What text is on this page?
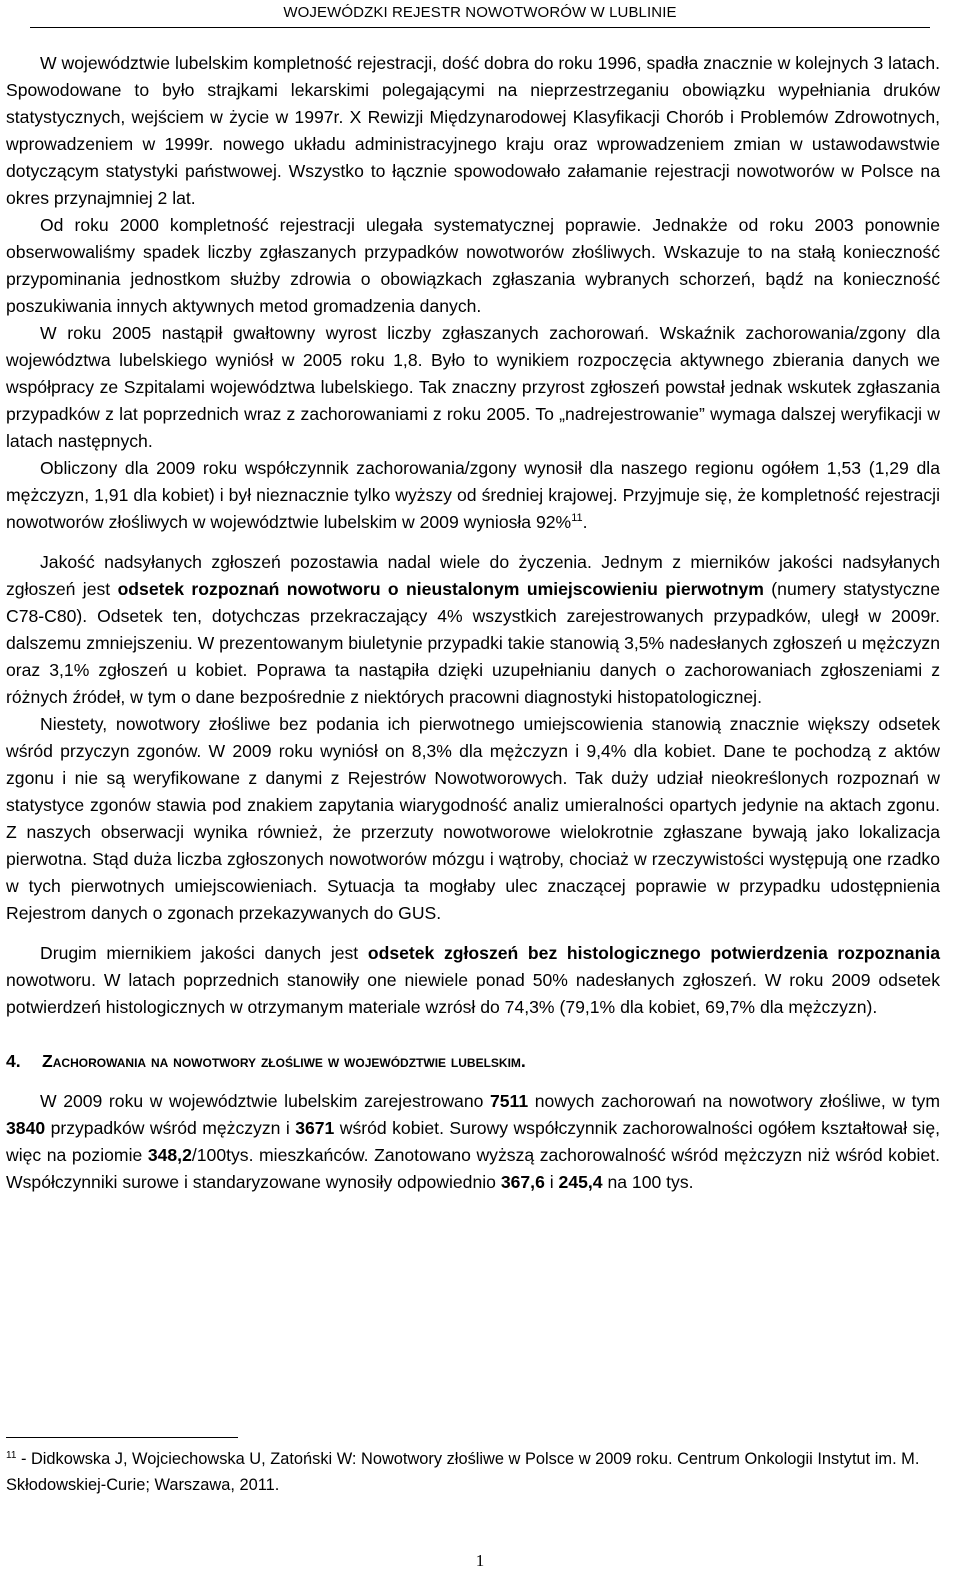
WOJEWÓDZKI REJESTR NOWOTWORÓW W LUBLINIE

W województwie lubelskim kompletność rejestracji, dość dobra do roku 1996, spadła znacznie w kolejnych 3 latach. Spowodowane to było strajkami lekarskimi polegającymi na nieprzestrzeganiu obowiązku wypełniania druków statystycznych, wejściem w życie w 1997r. X Rewizji Międzynarodowej Klasyfikacji Chorób i Problemów Zdrowotnych, wprowadzeniem w 1999r. nowego układu administracyjnego kraju oraz wprowadzeniem zmian w ustawodawstwie dotyczącym statystyki państwowej. Wszystko to łącznie spowodowało załamanie rejestracji nowotworów w Polsce na okres przynajmniej 2 lat.

Od roku 2000 kompletność rejestracji ulegała systematycznej poprawie. Jednakże od roku 2003 ponownie obserwowaliśmy spadek liczby zgłaszanych przypadków nowotworów złośliwych. Wskazuje to na stałą konieczność przypominania jednostkom służby zdrowia o obowiązkach zgłaszania wybranych schorzeń, bądź na konieczność poszukiwania innych aktywnych metod gromadzenia danych.

W roku 2005 nastąpił gwałtowny wyrost liczby zgłaszanych zachorowań. Wskaźnik zachorowania/zgony dla województwa lubelskiego wyniósł w 2005 roku 1,8. Było to wynikiem rozpoczęcia aktywnego zbierania danych we współpracy ze Szpitalami województwa lubelskiego. Tak znaczny przyrost zgłoszeń powstał jednak wskutek zgłaszania przypadków z lat poprzednich wraz z zachorowaniami z roku 2005. To „nadrejestrowanie” wymaga dalszej weryfikacji w latach następnych.

Obliczony dla 2009 roku współczynnik zachorowania/zgony wynosił dla naszego regionu ogółem 1,53 (1,29 dla mężczyzn, 1,91 dla kobiet) i był nieznacznie tylko wyższy od średniej krajowej. Przyjmuje się, że kompletność rejestracji nowotworów złośliwych w województwie lubelskim w 2009 wyniosła 92%$^{11}$.

Jakość nadsyłanych zgłoszeń pozostawia nadal wiele do życzenia. Jednym z mierników jakości nadsyłanych zgłoszeń jest odsetek rozpoznań nowotworu o nieustalonym umiejscowieniu pierwotnym (numery statystyczne C78-C80). Odsetek ten, dotychczas przekraczający 4% wszystkich zarejestrowanych przypadków, uległ w 2009r. dalszemu zmniejszeniu. W prezentowanym biuletynie przypadki takie stanowią 3,5% nadesłanych zgłoszeń u mężczyzn oraz 3,1% zgłoszeń u kobiet. Poprawa ta nastąpiła dzięki uzupełnianiu danych o zachorowaniach zgłoszeniami z różnych źródeł, w tym o dane bezpośrednie z niektórych pracowni diagnostyki histopatologicznej.

Niestety, nowotwory złośliwe bez podania ich pierwotnego umiejscowienia stanowią znacznie większy odsetek wśród przyczyn zgonów. W 2009 roku wyniósł on 8,3% dla mężczyzn i 9,4% dla kobiet. Dane te pochodzą z aktów zgonu i nie są weryfikowane z danymi z Rejestrów Nowotworowych. Tak duży udział nieokreślonych rozpoznań w statystyce zgonów stawia pod znakiem zapytania wiarygodność analiz umieralności opartych jedynie na aktach zgonu. Z naszych obserwacji wynika również, że przerzuty nowotworowe wielokrotnie zgłaszane bywają jako lokalizacja pierwotna. Stąd duża liczba zgłoszonych nowotworów mózgu i wątroby, chociaż w rzeczywistości występują one rzadko w tych pierwotnych umiejscowieniach. Sytuacja ta mogłaby ulec znaczącej poprawie w przypadku udostępnienia Rejestrom danych o zgonach przekazywanych do GUS.

Drugim miernikiem jakości danych jest odsetek zgłoszeń bez histologicznego potwierdzenia rozpoznania nowotworu. W latach poprzednich stanowiły one niewiele ponad 50% nadesłanych zgłoszeń. W roku 2009 odsetek potwierdzeń histologicznych w otrzymanym materiale wzrósł do 74,3% (79,1% dla kobiet, 69,7% dla mężczyzn).

4. Zachorowania na nowotwory złośliwe w województwie lubelskim.

W 2009 roku w województwie lubelskim zarejestrowano 7511 nowych zachorowań na nowotwory złośliwe, w tym 3840 przypadków wśród mężczyzn i 3671 wśród kobiet. Surowy współczynnik zachorowalności ogółem kształtował się, więc na poziomie 348,2/100tys. mieszkańców. Zanotowano wyższą zachorowalność wśród mężczyzn niż wśród kobiet. Współczynniki surowe i standaryzowane wynosiły odpowiednio 367,6 i 245,4 na 100 tys.

$^{11}$ - Didkowska J, Wojciechowska U, Zatoński W: Nowotwory złośliwe w Polsce w 2009 roku. Centrum Onkologii Instytut im. M. Skłodowskiej-Curie; Warszawa, 2011.
1
